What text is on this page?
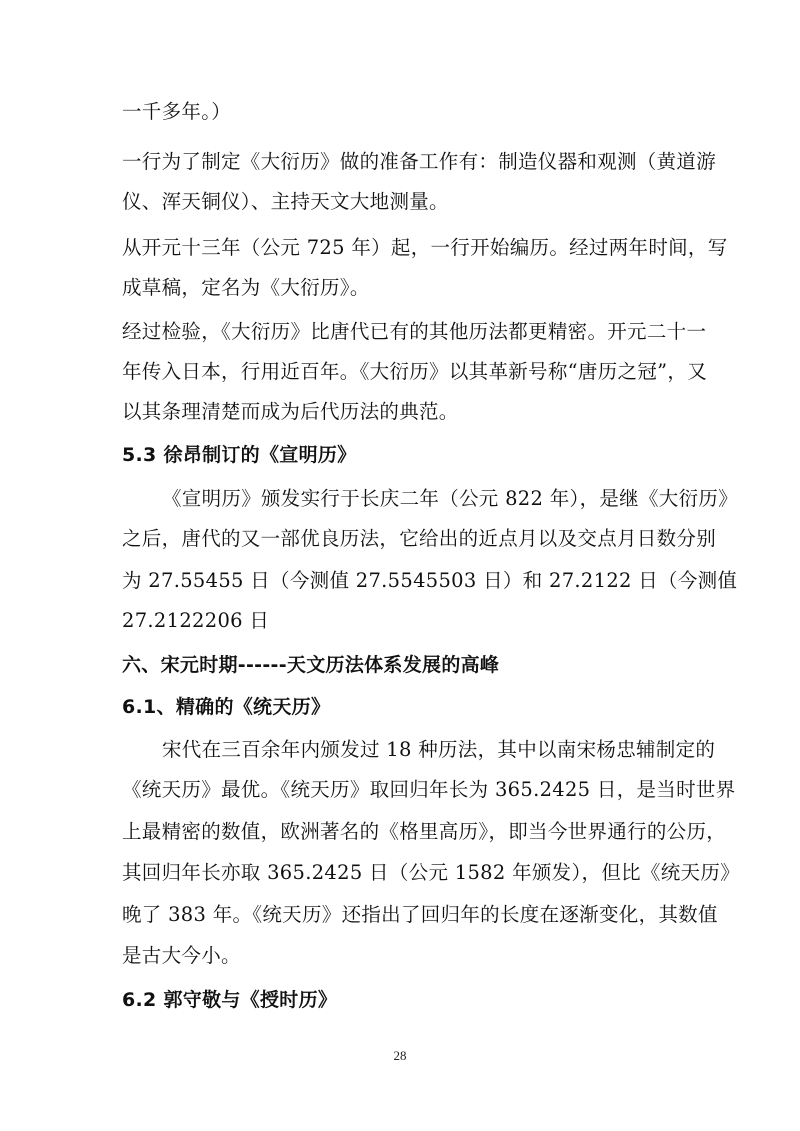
一千多年。）
一行为了制定《大衍历》做的准备工作有：制造仪器和观测（黄道游
仪、浑天铜仪）、主持天文大地测量。
从开元十三年（公元 725 年）起，一行开始编历。经过两年时间，写
成草稿，定名为《大衍历》。
经过检验，《大衍历》比唐代已有的其他历法都更精密。开元二十一
年传入日本，行用近百年。《大衍历》以其革新号称“唐历之冠”，又
以其条理清楚而成为后代历法的典范。
5.3 徐昂制订的《宣明历》
《宣明历》颁发实行于长庆二年（公元 822 年），是继《大衍历》
之后，唐代的又一部优良历法，它给出的近点月以及交点月日数分别
为 27.55455 日（今测值 27.5545503 日）和 27.2122 日（今测值
27.2122206 日
六、宋元时期------天文历法体系发展的高峰
6.1、精确的《统天历》
宋代在三百余年内颁发过 18 种历法，其中以南宋杨忠辅制定的
《统天历》最优。《统天历》取回归年长为 365.2425 日，是当时世界
上最精密的数值，欧洲著名的《格里高历》，即当今世界通行的公历，
其回归年长亦取 365.2425 日（公元 1582 年颁发），但比《统天历》
晚了 383 年。《统天历》还指出了回归年的长度在逐渐变化，其数值
是古大今小。
6.2 郭守敬与《授时历》
28
